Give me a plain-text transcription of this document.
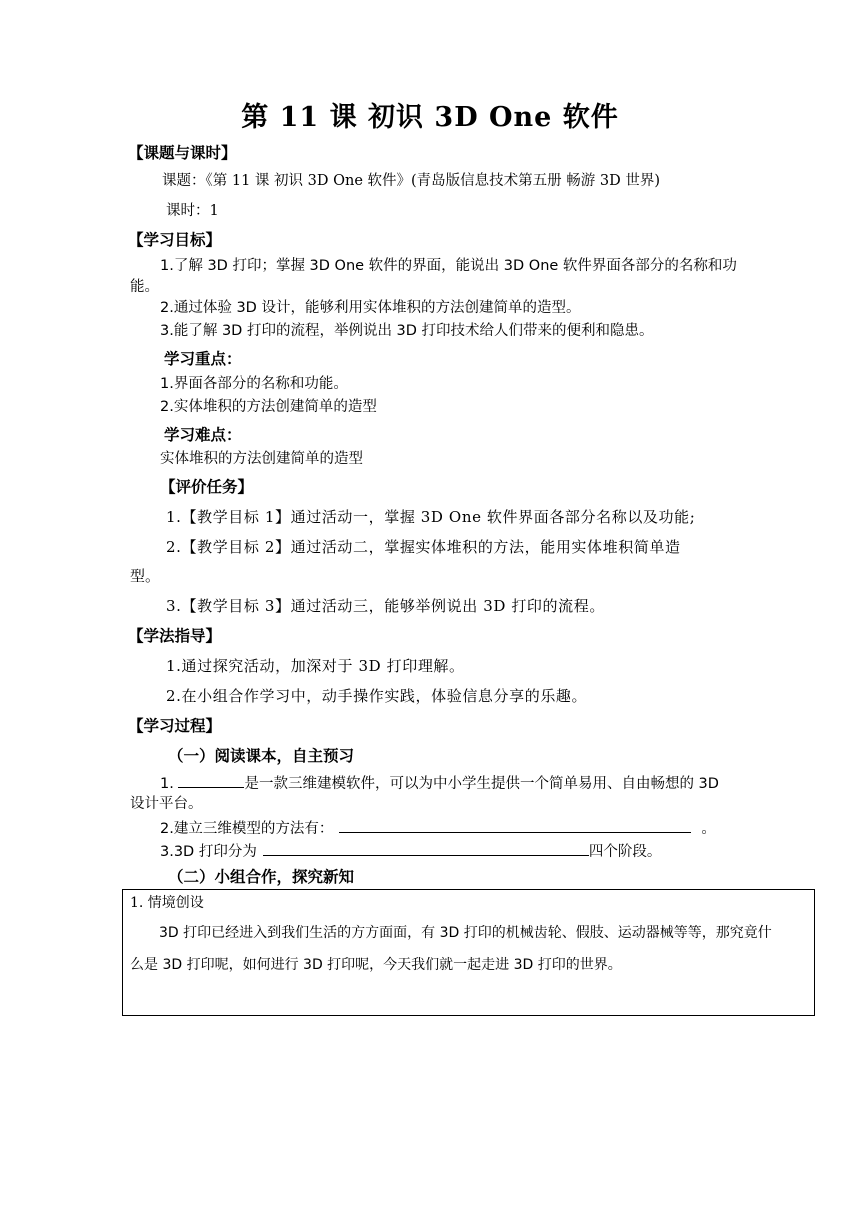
第 11 课 初识 3D One 软件
【课题与课时】
课题：《第 11 课 初识 3D One 软件》(青岛版信息技术第五册 畅游 3D 世界)
课时：1
【学习目标】
1.了解 3D 打印；掌握 3D One 软件的界面，能说出 3D One 软件界面各部分的名称和功
能。
2.通过体验 3D 设计，能够利用实体堆积的方法创建简单的造型。
3.能了解 3D 打印的流程，举例说出 3D 打印技术给人们带来的便利和隐患。
学习重点：
1.界面各部分的名称和功能。
2.实体堆积的方法创建简单的造型
学习难点：
实体堆积的方法创建简单的造型
【评价任务】
1.【教学目标 1】通过活动一，掌握 3D One 软件界面各部分名称以及功能;
2.【教学目标 2】通过活动二，掌握实体堆积的方法，能用实体堆积简单造
型。
3.【教学目标 3】通过活动三，能够举例说出 3D 打印的流程。
【学法指导】
1.通过探究活动，加深对于 3D 打印理解。
2.在小组合作学习中，动手操作实践，体验信息分享的乐趣。
【学习过程】
（一）阅读课本，自主预习
1.	是一款三维建模软件，可以为中小学生提供一个简单易用、自由畅想的 3D
设计平台。
2.建立三维模型的方法有：	。
3.3D 打印分为	四个阶段。
（二）小组合作，探究新知
1. 情境创设
3D 打印已经进入到我们生活的方方面面，有 3D 打印的机械齿轮、假肢、运动器械等等，那究竟什
么是 3D 打印呢，如何进行 3D 打印呢，今天我们就一起走进 3D 打印的世界。
